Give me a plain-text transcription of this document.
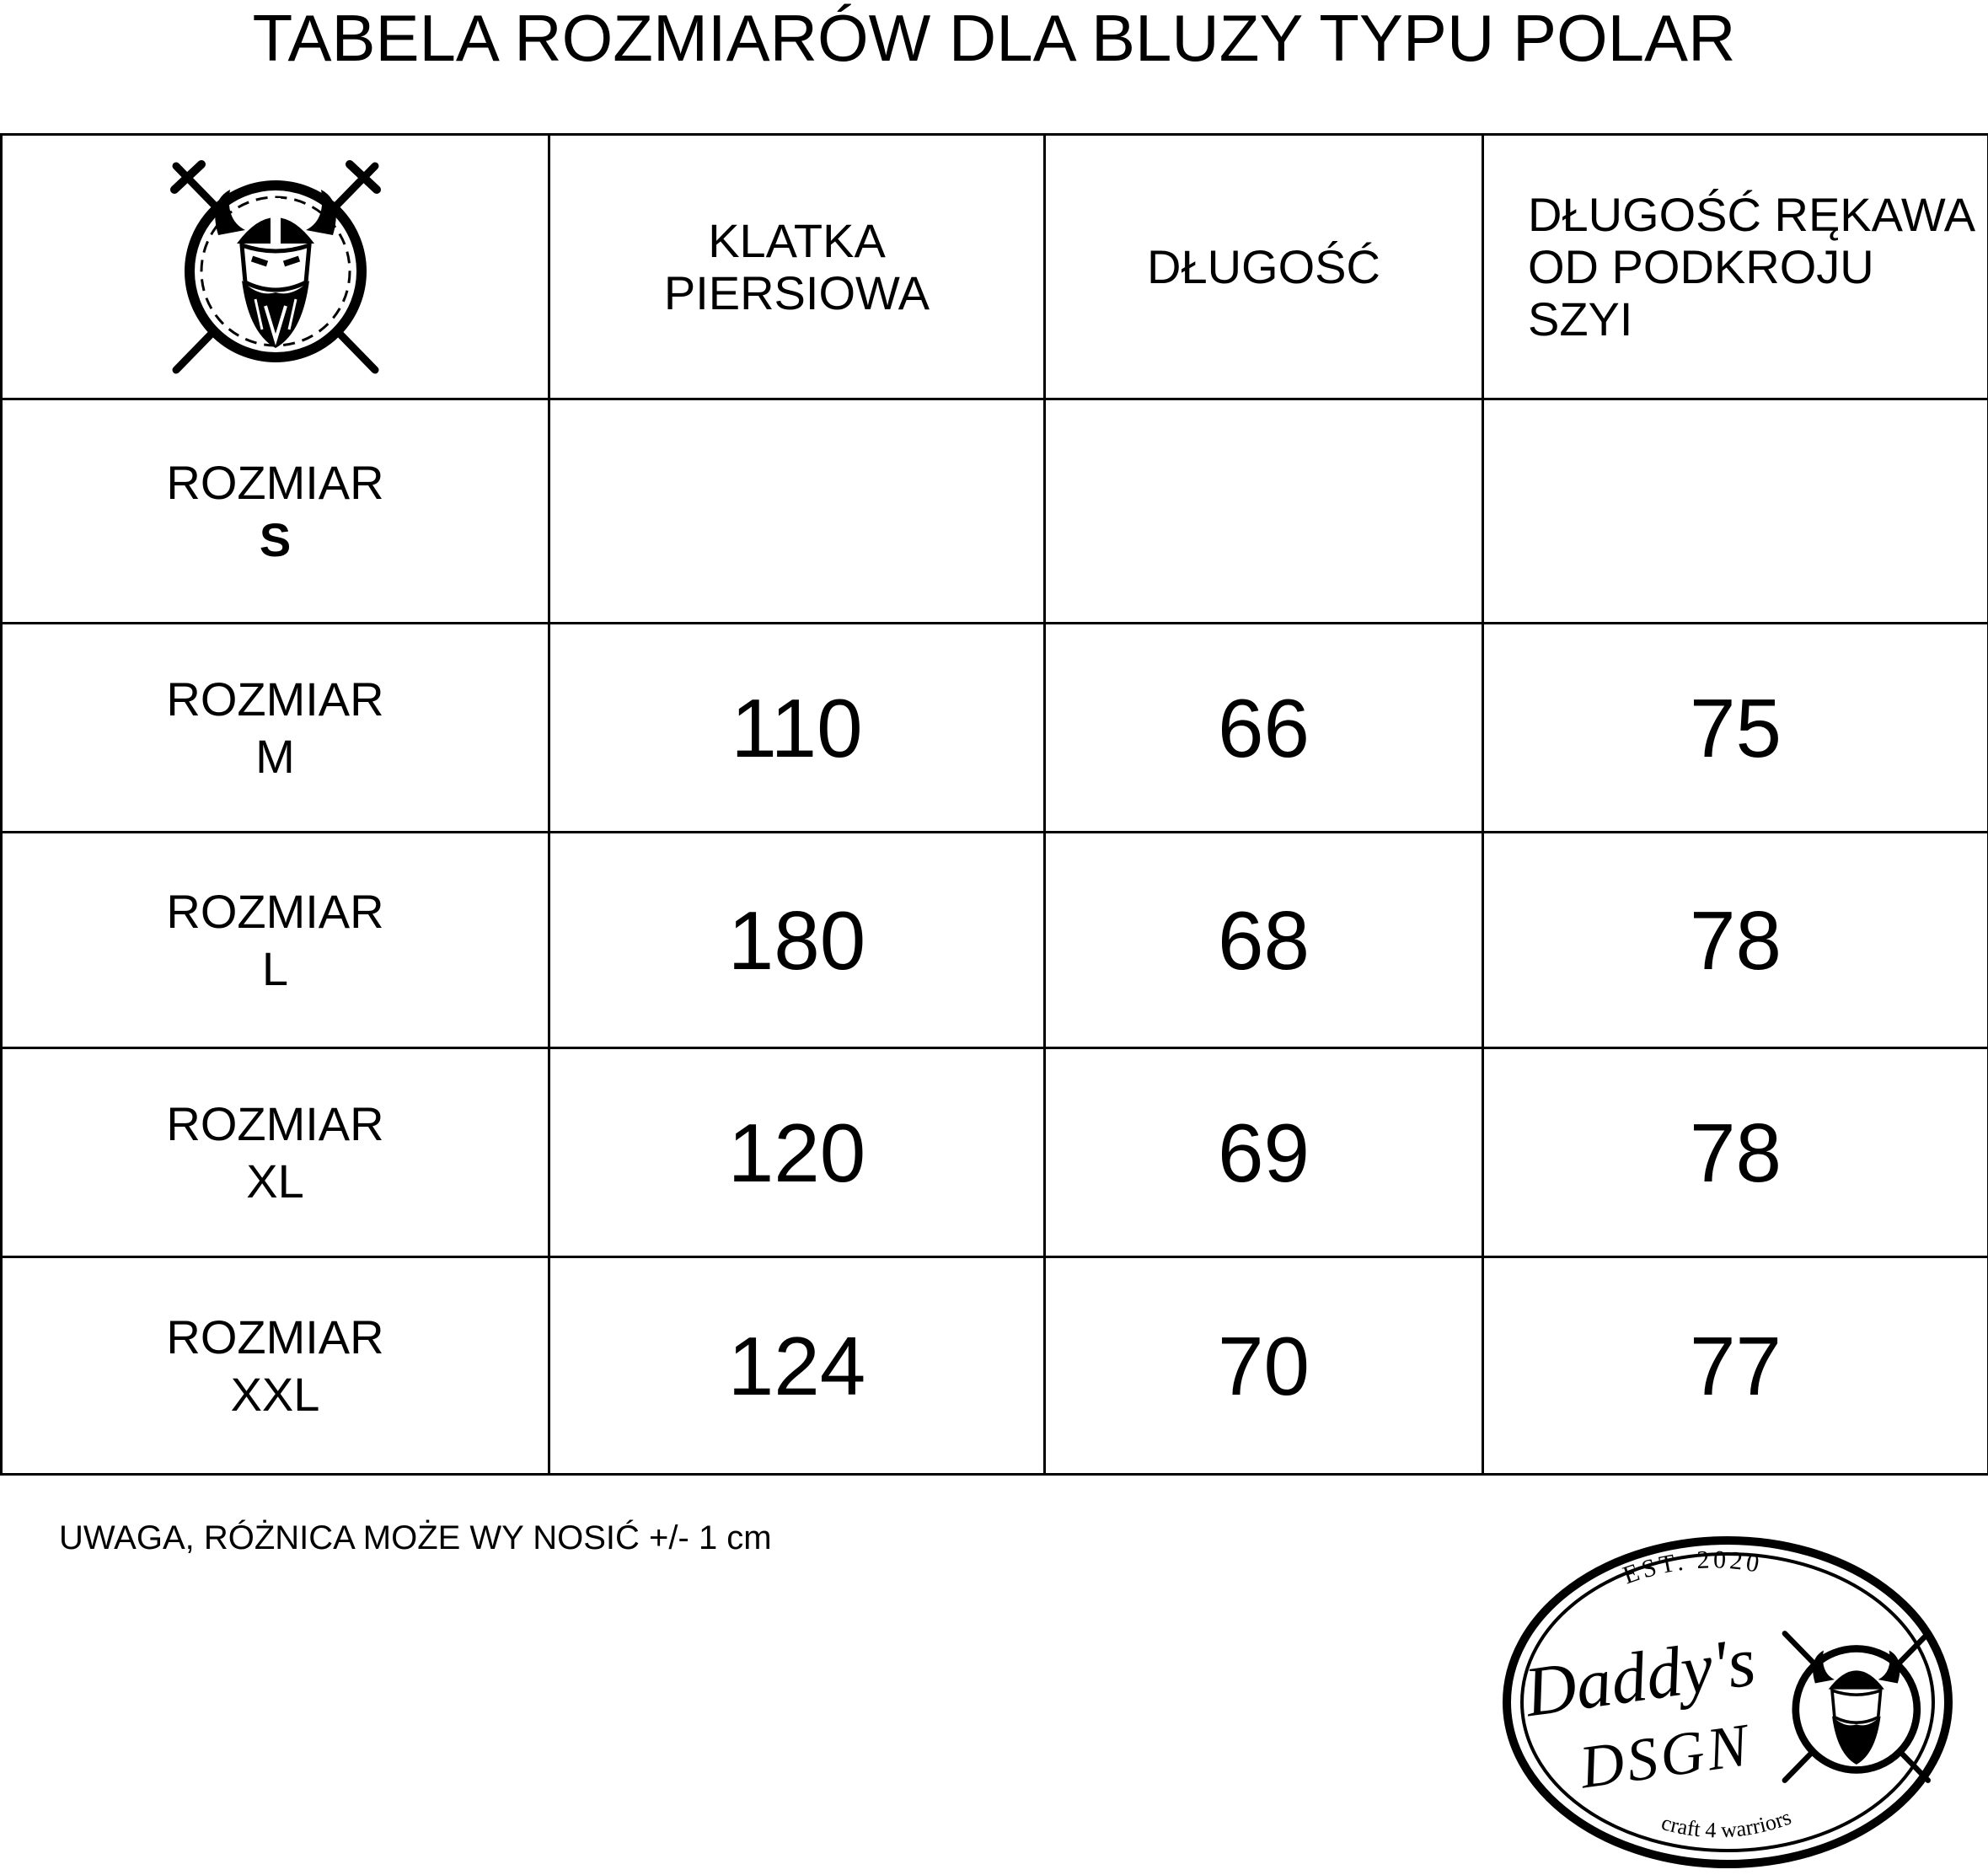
TABELA ROZMIARÓW DLA BLUZY TYPU POLAR
	KLATKA
PIERSIOWA	DŁUGOŚĆ	DŁUGOŚĆ RĘKAWA
OD PODKROJU SZYI

ROZMIAR
S			

ROZMIAR
M	110	66	75

ROZMIAR
L	180	68	78

ROZMIAR
XL	120	69	78

ROZMIAR
XXL	124	70	77
UWAGA, RÓŻNICA MOŻE WY NOSIĆ +/- 1 cm
EST. 2020
craft 4 warriors
Daddy's
DSGN
